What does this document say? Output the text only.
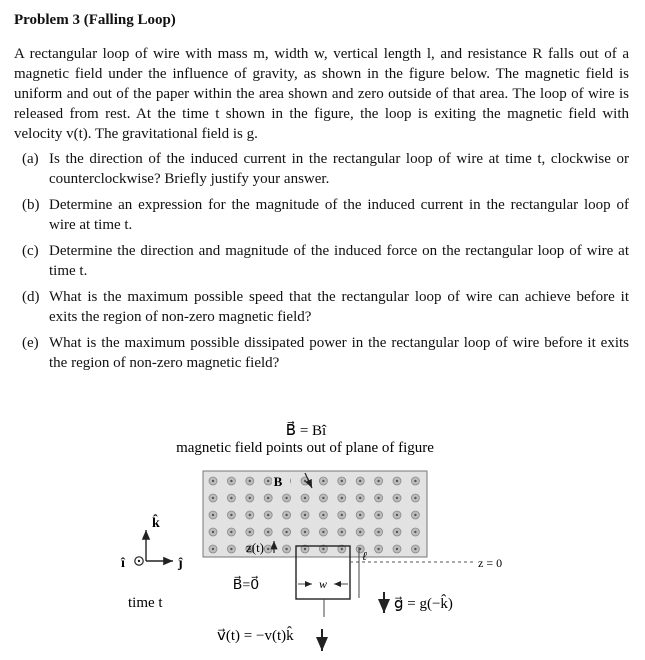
Problem 3 (Falling Loop)
A rectangular loop of wire with mass m, width w, vertical length l, and resistance R falls out of a magnetic field under the influence of gravity, as shown in the figure below. The magnetic field is uniform and out of the paper within the area shown and zero outside of that area. The loop of wire is released from rest. At the time t shown in the figure, the loop is exiting the magnetic field with velocity v(t). The gravitational field is g.
(a) Is the direction of the induced current in the rectangular loop of wire at time t, clockwise or counterclockwise? Briefly justify your answer.
(b) Determine an expression for the magnitude of the induced current in the rectangular loop of wire at time t.
(c) Determine the direction and magnitude of the induced force on the rectangular loop of wire at time t.
(d) What is the maximum possible speed that the rectangular loop of wire can achieve before it exits the region of non-zero magnetic field?
(e) What is the maximum possible dissipated power in the rectangular loop of wire before it exits the region of non-zero magnetic field?
B⃗ = Bî
magnetic field points out of plane of figure
B⃗
z(t)
z = 0
ℓ
w
B⃗=0⃗
g⃗ = g(−k̂)
v⃗(t) = −v(t)k̂
time t
k̂
î	ĵ
